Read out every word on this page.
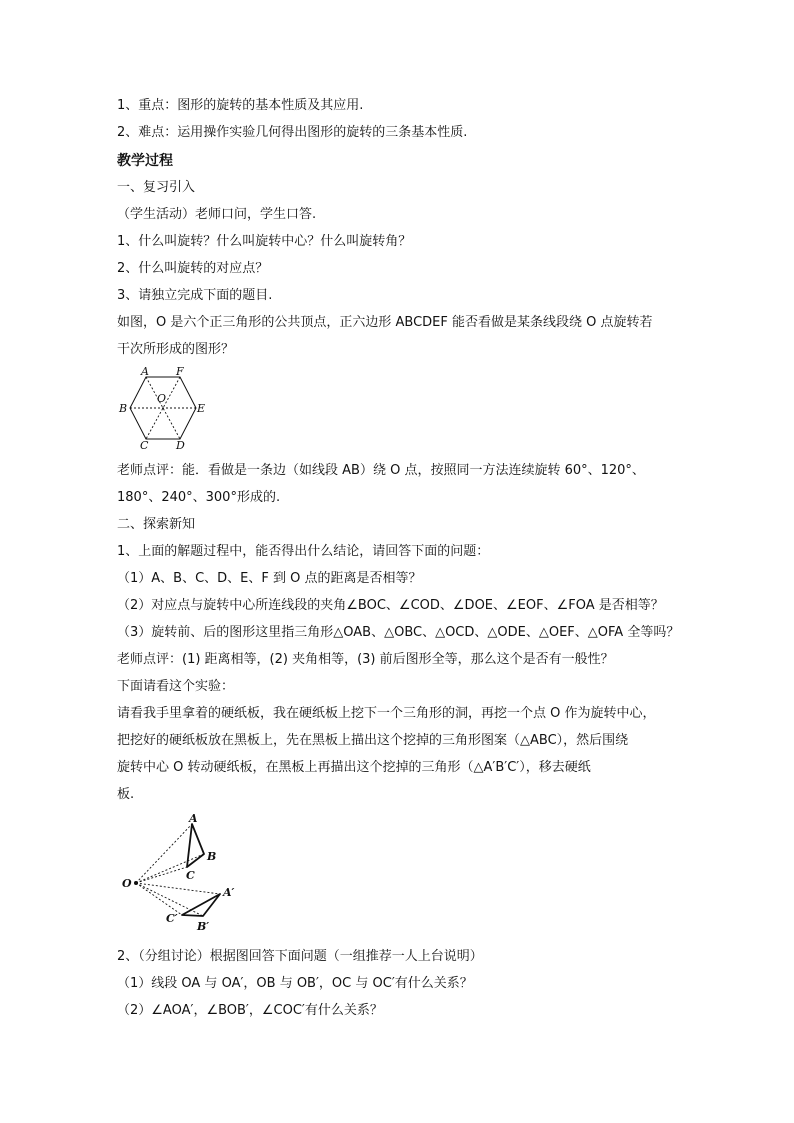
1、重点：图形的旋转的基本性质及其应用.
2、难点：运用操作实验几何得出图形的旋转的三条基本性质.
教学过程
一、复习引入
（学生活动）老师口问，学生口答.
1、什么叫旋转？什么叫旋转中心？什么叫旋转角？
2、什么叫旋转的对应点？
3、请独立完成下面的题目.
如图，O 是六个正三角形的公共顶点，正六边形 ABCDEF 能否看做是某条线段绕 O 点旋转若
干次所形成的图形？
A F
B
O
E
C	D
老师点评：能．看做是一条边（如线段 AB）绕 O 点，按照同一方法连续旋转 60°、120°、
180°、240°、300°形成的.
二、探索新知
1、上面的解题过程中，能否得出什么结论，请回答下面的问题：
（1）A、B、C、D、E、F 到 O 点的距离是否相等？
（2）对应点与旋转中心所连线段的夹角∠BOC、∠COD、∠DOE、∠EOF、∠FOA 是否相等？
（3）旋转前、后的图形这里指三角形△OAB、△OBC、△OCD、△ODE、△OEF、△OFA 全等吗？
老师点评：(1) 距离相等，(2) 夹角相等，(3) 前后图形全等，那么这个是否有一般性？
下面请看这个实验：
请看我手里拿着的硬纸板，我在硬纸板上挖下一个三角形的洞，再挖一个点 O 作为旋转中心，
把挖好的硬纸板放在黑板上，先在黑板上描出这个挖掉的三角形图案（△ABC），然后围绕
旋转中心 O 转动硬纸板，在黑板上再描出这个挖掉的三角形（△A′B′C′），移去硬纸
板.
O
A
B
C
A′
B′
C′
2、（分组讨论）根据图回答下面问题（一组推荐一人上台说明）
（1）线段 OA 与 OA′，OB 与 OB′，OC 与 OC′有什么关系？
（2）∠AOA′，∠BOB′，∠COC′有什么关系？
